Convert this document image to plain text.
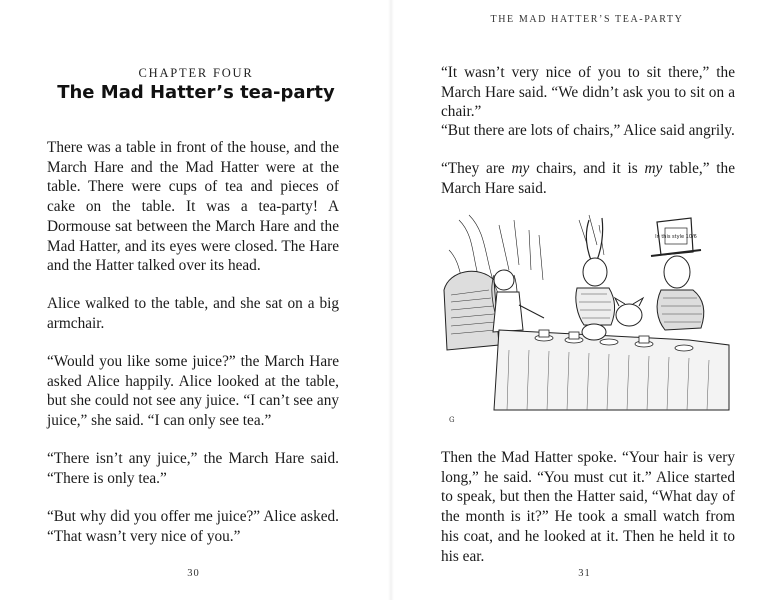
CHAPTER FOUR
The Mad Hatter’s tea-party

There was a table in front of the house, and the March Hare and the Mad Hatter were at the table. There were cups of tea and pieces of cake on the table. It was a tea-party! A Dormouse sat between the March Hare and the Mad Hatter, and its eyes were closed. The Hare and the Hatter talked over its head.

Alice walked to the table, and she sat on a big armchair.

“Would you like some juice?” the March Hare asked Alice happily. Alice looked at the table, but she could not see any juice. “I can’t see any juice,” she said. “I can only see tea.”

“There isn’t any juice,” the March Hare said. “There is only tea.”

“But why did you offer me juice?” Alice asked. “That wasn’t very nice of you.”

30
THE MAD HATTER’S TEA-PARTY

“It wasn’t very nice of you to sit there,” the March Hare said. “We didn’t ask you to sit on a chair.”

“But there are lots of chairs,” Alice said angrily.

“They are my chairs, and it is my table,” the March Hare said.

In this style 10/6
G

Then the Mad Hatter spoke. “Your hair is very long,” he said. “You must cut it.” Alice started to speak, but then the Hatter said, “What day of the month is it?” He took a small watch from his coat, and he looked at it. Then he held it to his ear.

31
